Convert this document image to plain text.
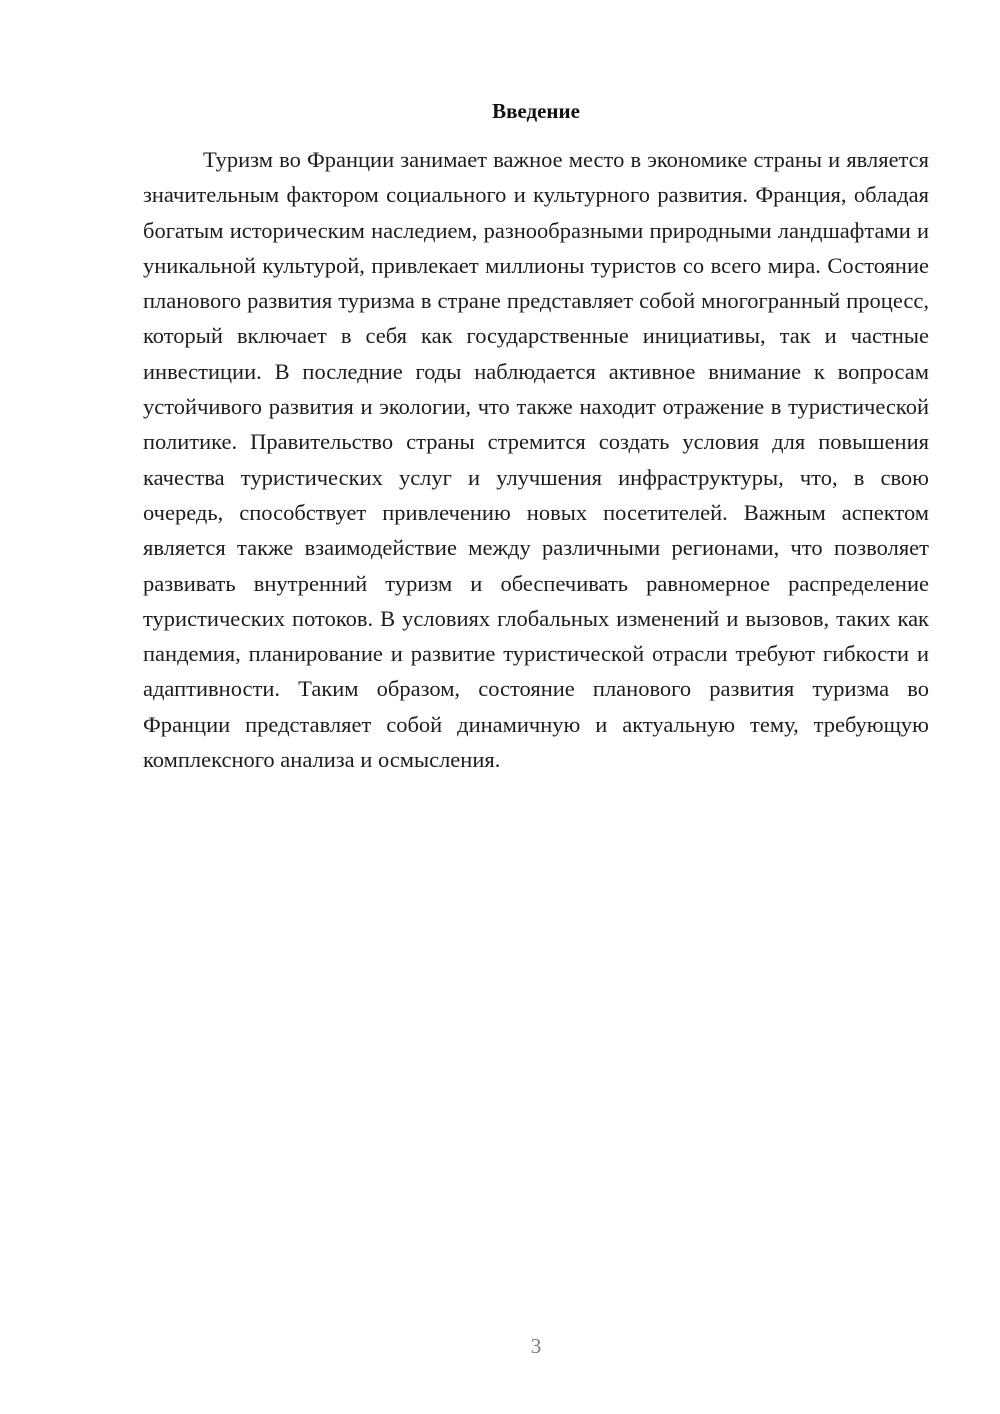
Введение

Туризм во Франции занимает важное место в экономике страны и является значительным фактором социального и культурного развития. Франция, обладая богатым историческим наследием, разнообразными природными ландшафтами и уникальной культурой, привлекает миллионы туристов со всего мира. Состояние планового развития туризма в стране представляет собой многогранный процесс, который включает в себя как государственные инициативы, так и частные инвестиции. В последние годы наблюдается активное внимание к вопросам устойчивого развития и экологии, что также находит отражение в туристической политике. Правительство страны стремится создать условия для повышения качества туристических услуг и улучшения инфраструктуры, что, в свою очередь, способствует привлечению новых посетителей. Важным аспектом является также взаимодействие между различными регионами, что позволяет развивать внутренний туризм и обеспечивать равномерное распределение туристических потоков. В условиях глобальных изменений и вызовов, таких как пандемия, планирование и развитие туристической отрасли требуют гибкости и адаптивности. Таким образом, состояние планового развития туризма во Франции представляет собой динамичную и актуальную тему, требующую комплексного анализа и осмысления.

3
